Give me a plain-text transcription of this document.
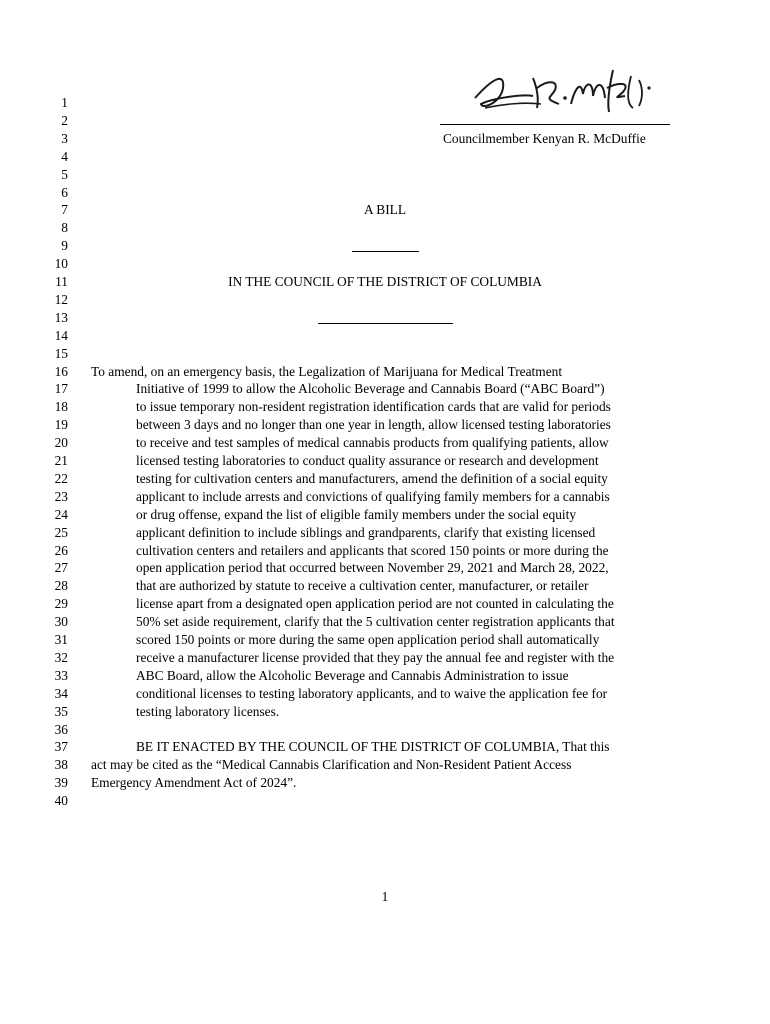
1
2
3	Councilmember Kenyan R. McDuffie
4
5
6
7	A BILL
8
9
10
11	IN THE COUNCIL OF THE DISTRICT OF COLUMBIA
12
13
14
15
16 To amend, on an emergency basis, the Legalization of Marijuana for Medical Treatment
17	Initiative of 1999 to allow the Alcoholic Beverage and Cannabis Board (“ABC Board”)
18	to issue temporary non-resident registration identification cards that are valid for periods
19	between 3 days and no longer than one year in length, allow licensed testing laboratories
20	to receive and test samples of medical cannabis products from qualifying patients, allow
21	licensed testing laboratories to conduct quality assurance or research and development
22	testing for cultivation centers and manufacturers, amend the definition of a social equity
23	applicant to include arrests and convictions of qualifying family members for a cannabis
24	or drug offense, expand the list of eligible family members under the social equity
25	applicant definition to include siblings and grandparents, clarify that existing licensed
26	cultivation centers and retailers and applicants that scored 150 points or more during the
27	open application period that occurred between November 29, 2021 and March 28, 2022,
28	that are authorized by statute to receive a cultivation center, manufacturer, or retailer
29	license apart from a designated open application period are not counted in calculating the
30	50% set aside requirement, clarify that the 5 cultivation center registration applicants that
31	scored 150 points or more during the same open application period shall automatically
32	receive a manufacturer license provided that they pay the annual fee and register with the
33	ABC Board, allow the Alcoholic Beverage and Cannabis Administration to issue
34	conditional licenses to testing laboratory applicants, and to waive the application fee for
35	testing laboratory licenses.
36
37	BE IT ENACTED BY THE COUNCIL OF THE DISTRICT OF COLUMBIA, That this
38 act may be cited as the “Medical Cannabis Clarification and Non-Resident Patient Access
39 Emergency Amendment Act of 2024”.
40
1
